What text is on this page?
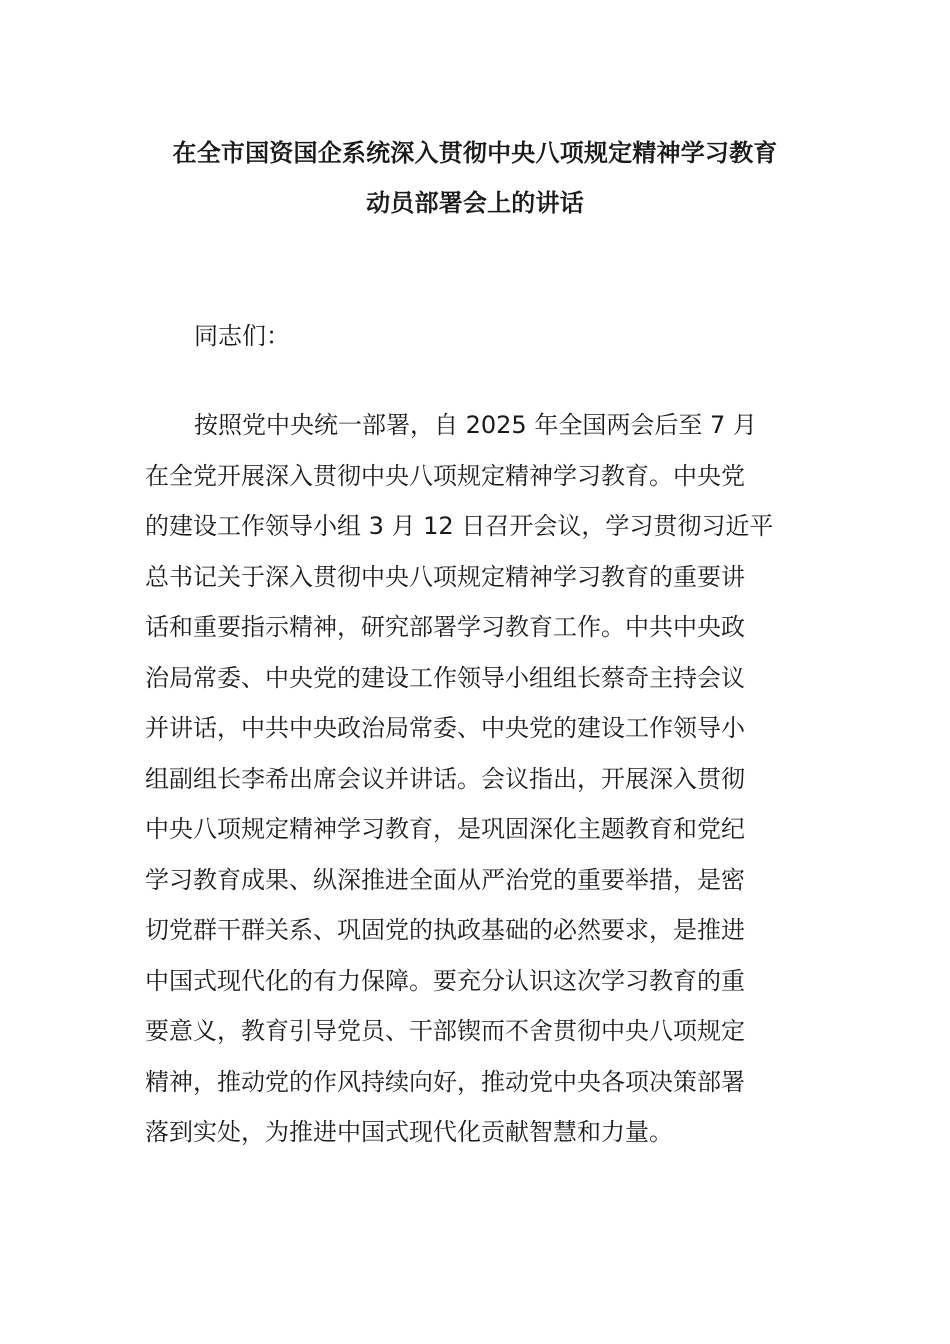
在全市国资国企系统深入贯彻中央八项规定精神学习教育
动员部署会上的讲话
同志们：
按照党中央统一部署，自 2025 年全国两会后至 7 月
在全党开展深入贯彻中央八项规定精神学习教育。中央党
的建设工作领导小组 3 月 12 日召开会议，学习贯彻习近平
总书记关于深入贯彻中央八项规定精神学习教育的重要讲
话和重要指示精神，研究部署学习教育工作。中共中央政
治局常委、中央党的建设工作领导小组组长蔡奇主持会议
并讲话，中共中央政治局常委、中央党的建设工作领导小
组副组长李希出席会议并讲话。会议指出，开展深入贯彻
中央八项规定精神学习教育，是巩固深化主题教育和党纪
学习教育成果、纵深推进全面从严治党的重要举措，是密
切党群干群关系、巩固党的执政基础的必然要求，是推进
中国式现代化的有力保障。要充分认识这次学习教育的重
要意义，教育引导党员、干部锲而不舍贯彻中央八项规定
精神，推动党的作风持续向好，推动党中央各项决策部署
落到实处，为推进中国式现代化贡献智慧和力量。
